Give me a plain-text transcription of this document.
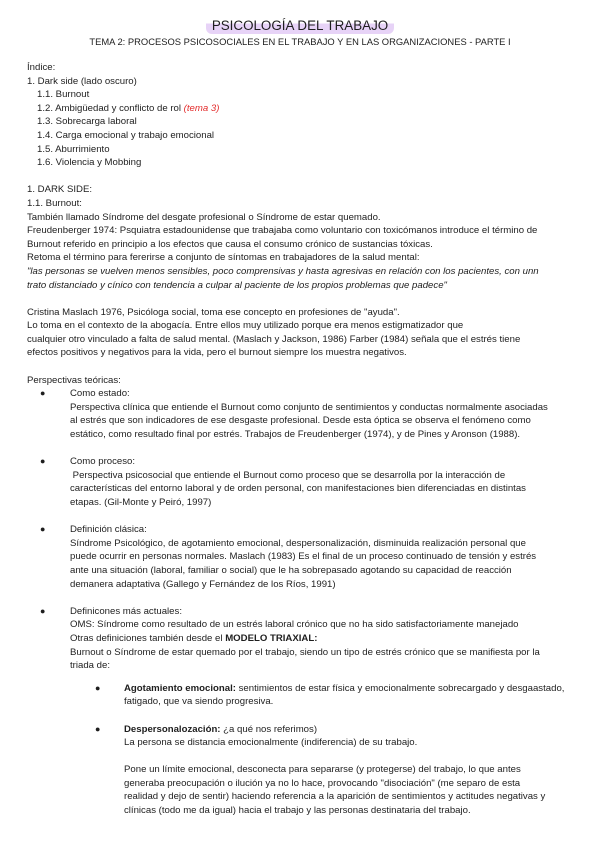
PSICOLOGÍA DEL TRABAJO
TEMA 2: PROCESOS PSICOSOCIALES EN EL TRABAJO Y EN LAS ORGANIZACIONES - PARTE I
Índice:
1. Dark side (lado oscuro)
1.1. Burnout
1.2. Ambigüedad y conflicto de rol (tema 3)
1.3. Sobrecarga laboral
1.4. Carga emocional y trabajo emocional
1.5. Aburrimiento
1.6. Violencia y Mobbing
1. DARK SIDE:
1.1. Burnout:
También llamado Síndrome del desgate profesional o Síndrome de estar quemado.
Freudenberger 1974: Psquiatra estadounidense que trabajaba como voluntario con toxicómanos introduce el término de
Burnout referido en principio a los efectos que causa el consumo crónico de sustancias tóxicas.
Retoma el término para fererirse a conjunto de síntomas en trabajadores de la salud mental:
"las personas se vuelven menos sensibles, poco comprensivas y hasta agresivas en relación con los pacientes, con unn
trato distanciado y cínico con tendencia a culpar al paciente de los propios problemas que padece"
Cristina Maslach 1976, Psicóloga social, toma ese concepto en profesiones de "ayuda".
Lo toma en el contexto de la abogacía. Entre ellos muy utilizado porque era menos estigmatizador que
cualquier otro vinculado a falta de salud mental. (Maslach y Jackson, 1986) Farber (1984) señala que el estrés tiene
efectos positivos y negativos para la vida, pero el burnout siempre los muestra negativos.
Perspectivas teóricas:
●	Como estado:
Perspectiva clínica que entiende el Burnout como conjunto de sentimientos y conductas normalmente asociadas
al estrés que son indicadores de ese desgaste profesional. Desde esta óptica se observa el fenómeno como
estático, como resultado final por estrés. Trabajos de Freudenberger (1974), y de Pines y Aronson (1988).
●	Como proceso:
Perspectiva psicosocial que entiende el Burnout como proceso que se desarrolla por la interacción de
características del entorno laboral y de orden personal, con manifestaciones bien diferenciadas en distintas
etapas. (Gil-Monte y Peiró, 1997)
●	Definición clásica:
Síndrome Psicológico, de agotamiento emocional, despersonalización, disminuida realización personal que
puede ocurrir en personas normales. Maslach (1983) Es el final de un proceso continuado de tensión y estrés
ante una situación (laboral, familiar o social) que le ha sobrepasado agotando su capacidad de reacción
demanera adaptativa (Gallego y Fernández de los Ríos, 1991)
●	Definicones más actuales:
OMS: Síndrome como resultado de un estrés laboral crónico que no ha sido satisfactoriamente manejado
Otras definiciones también desde el MODELO TRIAXIAL:
Burnout o Síndrome de estar quemado por el trabajo, siendo un tipo de estrés crónico que se manifiesta por la
triada de:
● Agotamiento emocional: sentimientos de estar física y emocionalmente sobrecargado y desgaastado,
fatigado, que va siendo progresiva.
● Despersonalozación: ¿a qué nos referimos)
La persona se distancia emocionalmente (indiferencia) de su trabajo.
Pone un límite emocional, desconecta para separarse (y protegerse) del trabajo, lo que antes
generaba preocupación o ilución ya no lo hace, provocando "disociación" (me separo de esta
realidad y dejo de sentir) haciendo referencia a la aparición de sentimientos y actitudes negativas y
clínicas (todo me da igual) hacia el trabajo y las personas destinataria del trabajo.
